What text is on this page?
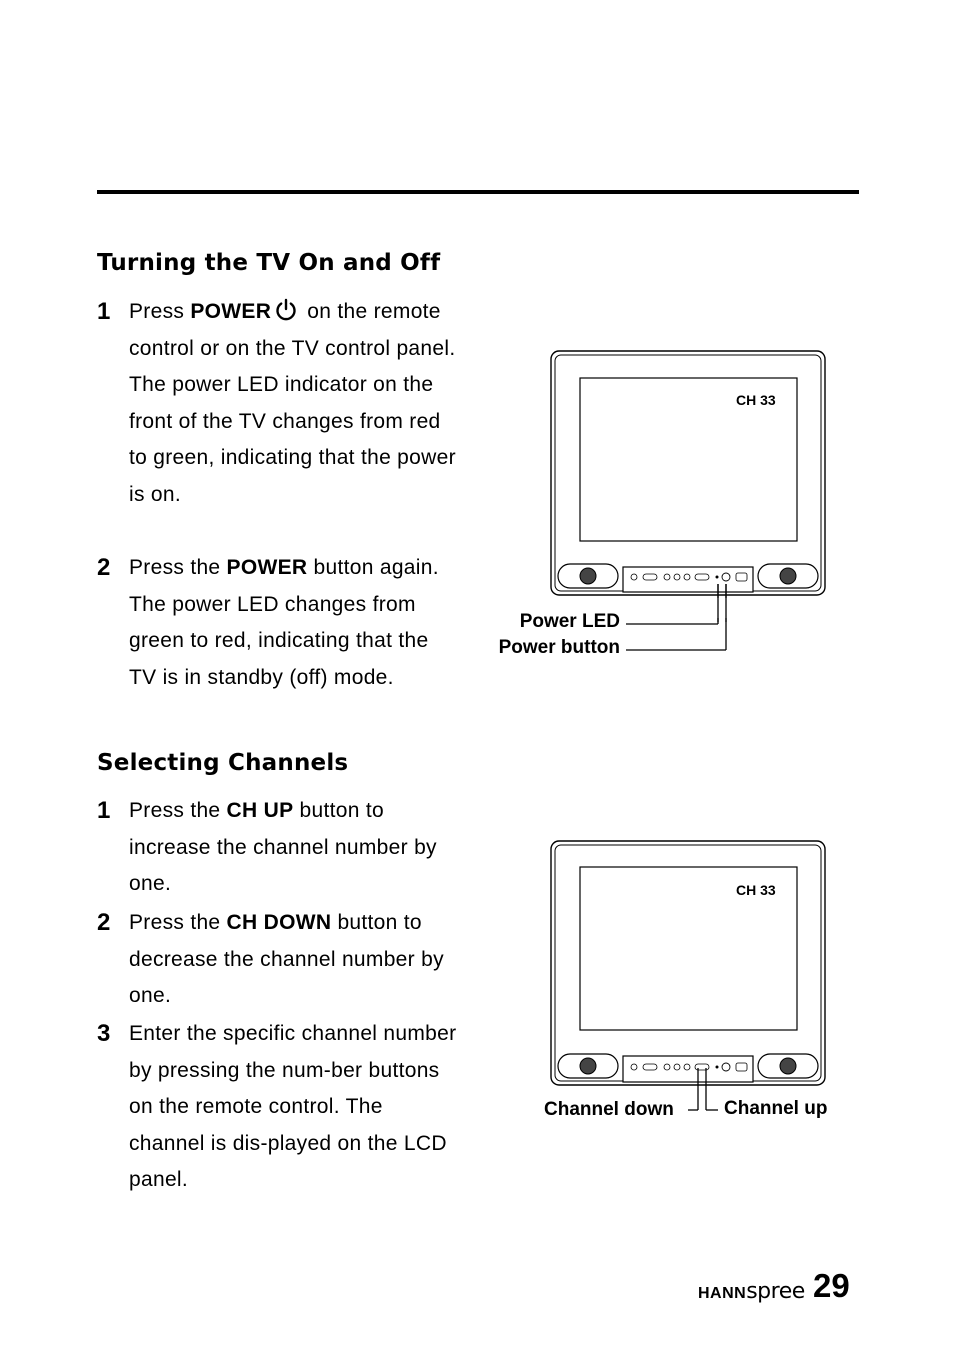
Turning the TV On and Off
1 Press POWER on the remote control or on the TV control panel. The power LED indicator on the front of the TV changes from red to green, indicating that the power is on.

2 Press the POWER button again. The power LED changes from green to red, indicating that the TV is in standby (off) mode.

Selecting Channels
1 Press the CH UP button to increase the channel number by one.

2 Press the CH DOWN button to decrease the channel number by one.

3 Enter the specific channel number by pressing the num-ber buttons on the remote control. The channel is dis-played on the LCD panel.

CH 33
Power LED
Power button
CH 33
Channel down	Channel up
HANNspree 29
